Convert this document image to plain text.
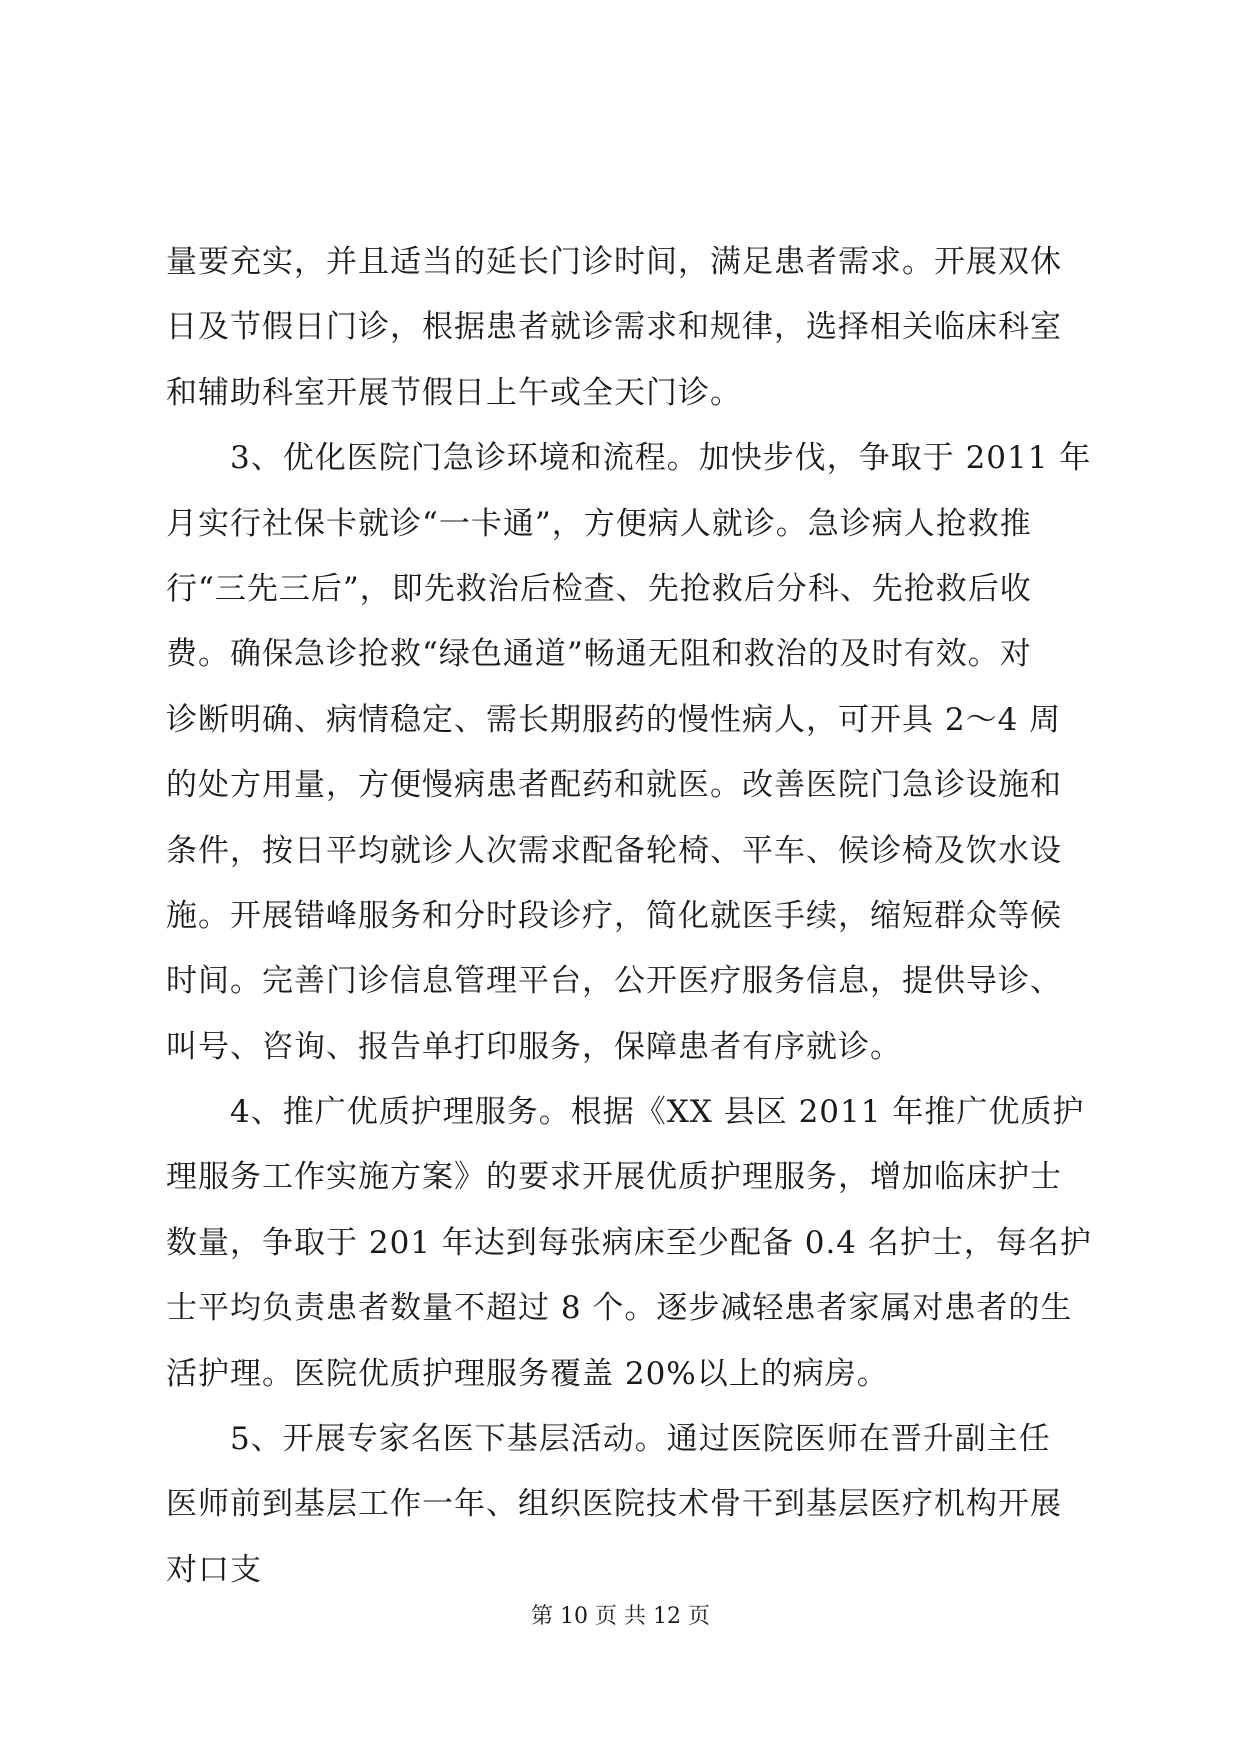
量要充实，并且适当的延长门诊时间，满足患者需求。开展双休
日及节假日门诊，根据患者就诊需求和规律，选择相关临床科室
和辅助科室开展节假日上午或全天门诊。
　　3、优化医院门急诊环境和流程。加快步伐，争取于 2011 年
月实行社保卡就诊“一卡通”，方便病人就诊。急诊病人抢救推
行“三先三后”，即先救治后检查、先抢救后分科、先抢救后收
费。确保急诊抢救“绿色通道”畅通无阻和救治的及时有效。对
诊断明确、病情稳定、需长期服药的慢性病人，可开具 2～4 周
的处方用量，方便慢病患者配药和就医。改善医院门急诊设施和
条件，按日平均就诊人次需求配备轮椅、平车、候诊椅及饮水设
施。开展错峰服务和分时段诊疗，简化就医手续，缩短群众等候
时间。完善门诊信息管理平台，公开医疗服务信息，提供导诊、
叫号、咨询、报告单打印服务，保障患者有序就诊。
　　4、推广优质护理服务。根据《XX 县区 2011 年推广优质护
理服务工作实施方案》的要求开展优质护理服务，增加临床护士
数量，争取于 201 年达到每张病床至少配备 0.4 名护士，每名护
士平均负责患者数量不超过 8 个。逐步减轻患者家属对患者的生
活护理。医院优质护理服务覆盖 20%以上的病房。
　　5、开展专家名医下基层活动。通过医院医师在晋升副主任
医师前到基层工作一年、组织医院技术骨干到基层医疗机构开展
对口支
第 10 页 共 12 页
